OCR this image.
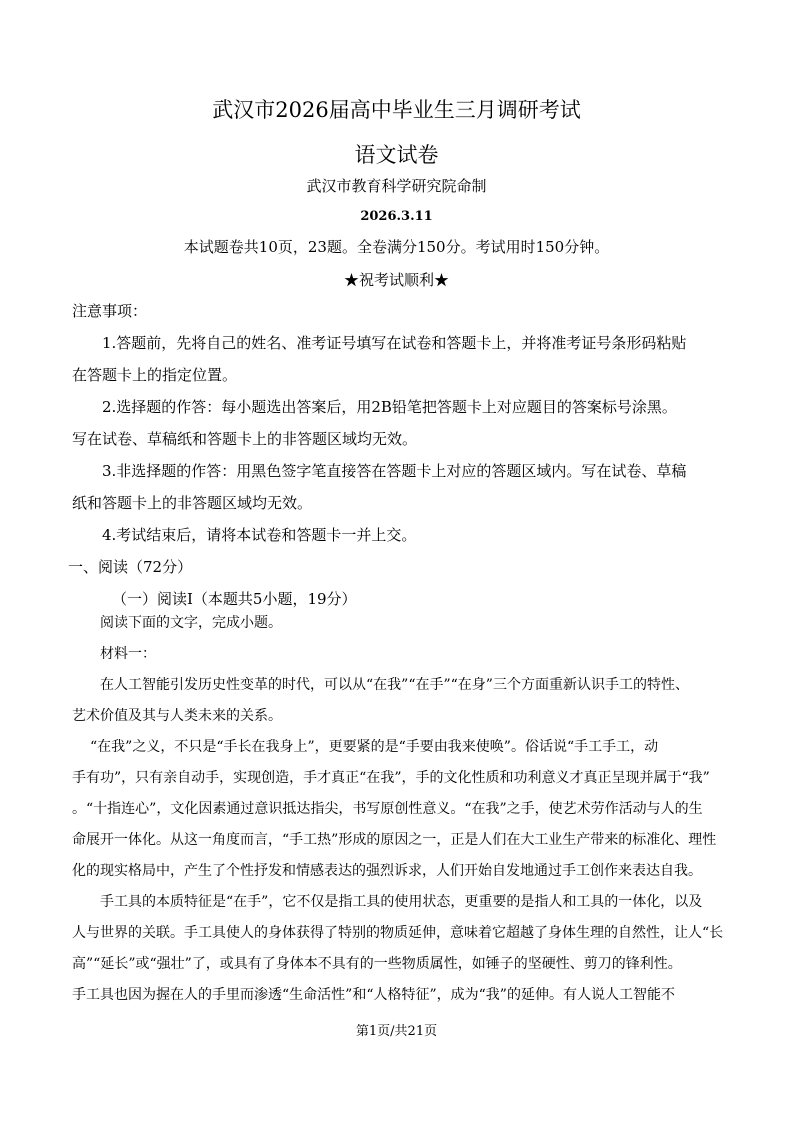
武汉市2026届高中毕业生三月调研考试
语文试卷
武汉市教育科学研究院命制
2026.3.11
本试题卷共10页，23题。全卷满分150分。考试用时150分钟。
★祝考试顺利★
注意事项：
1.答题前，先将自己的姓名、准考证号填写在试卷和答题卡上，并将准考证号条形码粘贴
在答题卡上的指定位置。
2.选择题的作答：每小题选出答案后，用2B铅笔把答题卡上对应题目的答案标号涂黑。
写在试卷、草稿纸和答题卡上的非答题区域均无效。
3.非选择题的作答：用黑色签字笔直接答在答题卡上对应的答题区域内。写在试卷、草稿
纸和答题卡上的非答题区域均无效。
4.考试结束后，请将本试卷和答题卡一并上交。
一、阅读（72分）
（一）阅读Ⅰ（本题共5小题，19分）
阅读下面的文字，完成小题。
材料一：
在人工智能引发历史性变革的时代，可以从“在我”“在手”“在身”三个方面重新认识手工的特性、
艺术价值及其与人类未来的关系。
“在我”之义，不只是“手长在我身上”，更要紧的是“手要由我来使唤”。俗话说“手工手工，动
手有功”，只有亲自动手，实现创造，手才真正“在我”，手的文化性质和功利意义才真正呈现并属于“我”
。“十指连心”，文化因素通过意识抵达指尖，书写原创性意义。“在我”之手，使艺术劳作活动与人的生
命展开一体化。从这一角度而言，“手工热”形成的原因之一，正是人们在大工业生产带来的标准化、理性
化的现实格局中，产生了个性抒发和情感表达的强烈诉求，人们开始自发地通过手工创作来表达自我。
手工具的本质特征是“在手”，它不仅是指工具的使用状态，更重要的是指人和工具的一体化，以及
人与世界的关联。手工具使人的身体获得了特别的物质延伸，意味着它超越了身体生理的自然性，让人“长
高”“延长”或“强壮”了，或具有了身体本不具有的一些物质属性，如锤子的坚硬性、剪刀的锋利性。
手工具也因为握在人的手里而渗透“生命活性”和“人格特征”，成为“我”的延伸。有人说人工智能不
第1页/共21页
